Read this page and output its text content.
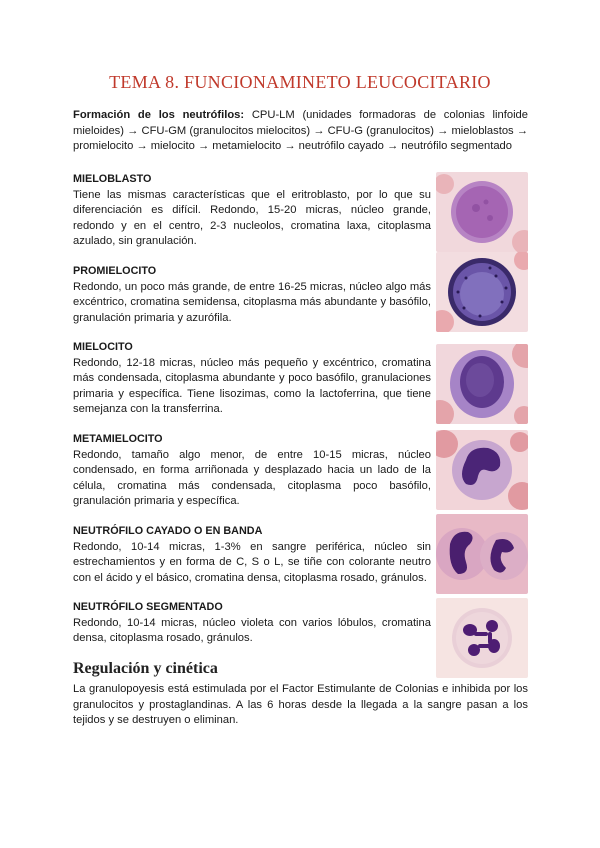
TEMA 8. FUNCIONAMINETO LEUCOCITARIO
Formación de los neutrófilos: CPU-LM (unidades formadoras de colonias linfoide mieloides) → CFU-GM (granulocitos mielocitos) → CFU-G (granulocitos) → mieloblastos → promielocito → mielocito → metamielocito → neutrófilo cayado → neutrófilo segmentado
MIELOBLASTO
Tiene las mismas características que el eritroblasto, por lo que su diferenciación es difícil. Redondo, 15-20 micras, núcleo grande, redondo y en el centro, 2-3 nucleolos, cromatina laxa, citoplasma azulado, sin granulación.
PROMIELOCITO
Redondo, un poco más grande, de entre 16-25 micras, núcleo algo más excéntrico, cromatina semidensa, citoplasma más abundante y basófilo, granulación primaria y azurófila.
MIELOCITO
Redondo, 12-18 micras, núcleo más pequeño y excéntrico, cromatina más condensada, citoplasma abundante y poco basófilo, granulaciones primaria y específica. Tiene lisozimas, como la lactoferrina, que tiene semejanza con la transferrina.
METAMIELOCITO
Redondo, tamaño algo menor, de entre 10-15 micras, núcleo condensado, en forma arriñonada y desplazado hacia un lado de la célula, cromatina más condensada, citoplasma poco basófilo, granulación primaria y específica.
NEUTRÓFILO CAYADO O EN BANDA
Redondo, 10-14 micras, 1-3% en sangre periférica, núcleo sin estrechamientos y en forma de C, S o L, se tiñe con colorante neutro con el ácido y el básico, cromatina densa, citoplasma rosado, gránulos.
NEUTRÓFILO SEGMENTADO
Redondo, 10-14 micras, núcleo violeta con varios lóbulos, cromatina densa, citoplasma rosado, gránulos.
Regulación y cinética
La granulopoyesis está estimulada por el Factor Estimulante de Colonias e inhibida por los granulocitos y prostaglandinas. A las 6 horas desde la llegada a la sangre pasan a los tejidos y se destruyen o eliminan.
